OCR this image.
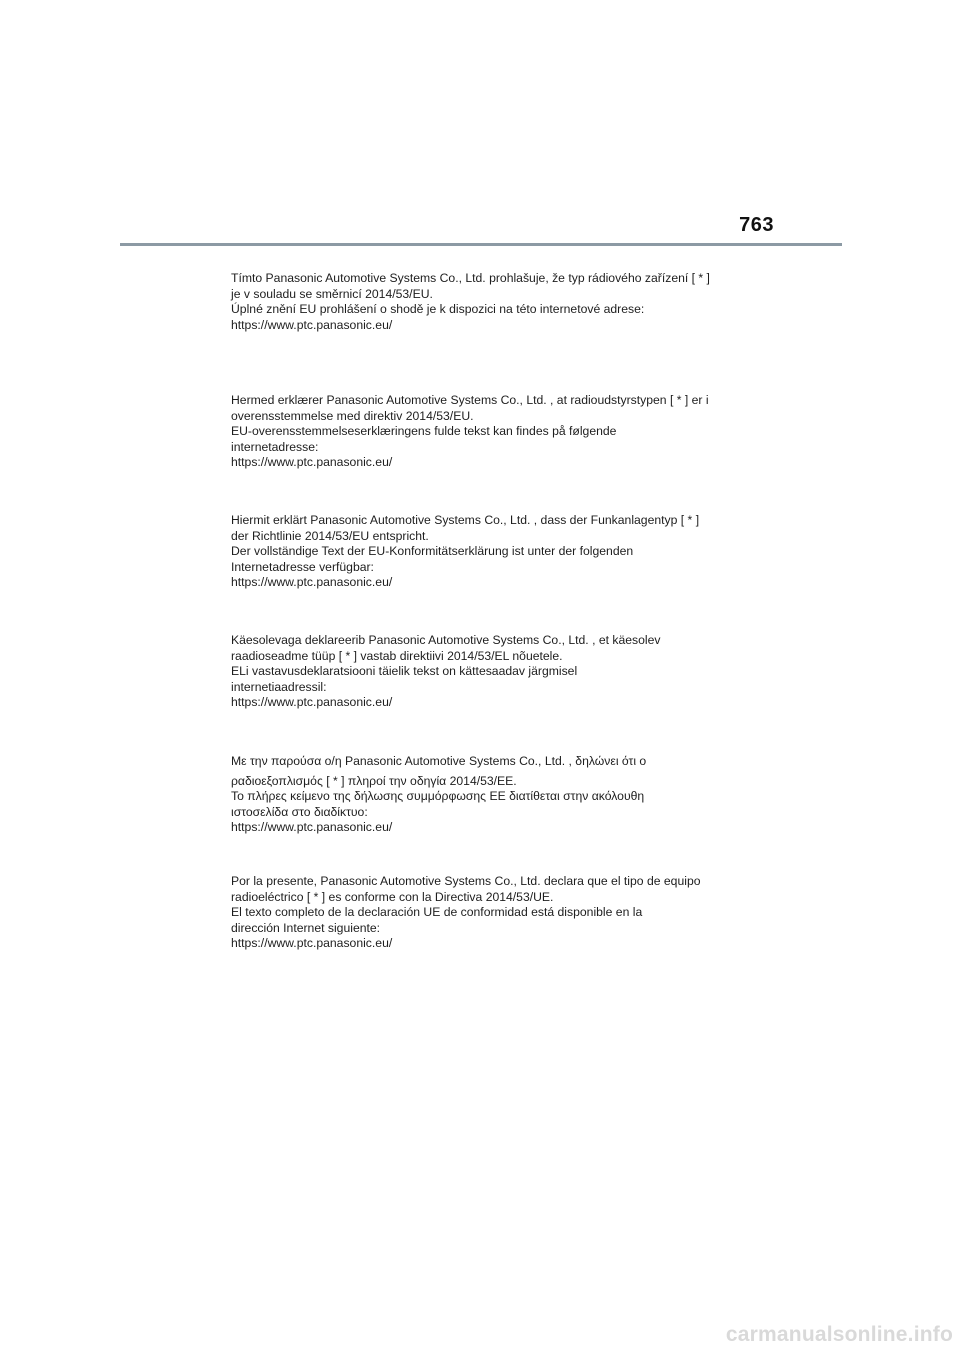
763
Tímto Panasonic Automotive Systems Co., Ltd. prohlašuje, že typ rádiového zařízení [ * ]
je v souladu se směrnicí 2014/53/EU.
Úplné znění EU prohlášení o shodě je k dispozici na této internetové adrese:
https://www.ptc.panasonic.eu/
Hermed erklærer Panasonic Automotive Systems Co., Ltd. , at radioudstyrstypen [ * ] er i
overensstemmelse med direktiv 2014/53/EU.
EU-overensstemmelseserklæringens fulde tekst kan findes på følgende
internetadresse:
https://www.ptc.panasonic.eu/
Hiermit erklärt Panasonic Automotive Systems Co., Ltd. , dass der Funkanlagentyp [ * ]
der Richtlinie 2014/53/EU entspricht.
Der vollständige Text der EU-Konformitätserklärung ist unter der folgenden
Internetadresse verfügbar:
https://www.ptc.panasonic.eu/
Käesolevaga deklareerib Panasonic Automotive Systems Co., Ltd. , et käesolev
raadioseadme tüüp [ * ] vastab direktiivi 2014/53/EL nõuetele.
ELi vastavusdeklaratsiooni täielik tekst on kättesaadav järgmisel
internetiaadressil:
https://www.ptc.panasonic.eu/
Με την παρούσα ο/η Panasonic Automotive Systems Co., Ltd. , δηλώνει ότι ο
ραδιοεξοπλισμός [ * ] πληροί την οδηγία 2014/53/ΕΕ.
Το πλήρες κείμενο της δήλωσης συμμόρφωσης ΕΕ διατίθεται στην ακόλουθη
ιστοσελίδα στο διαδίκτυο:
https://www.ptc.panasonic.eu/
Por la presente, Panasonic Automotive Systems Co., Ltd. declara que el tipo de equipo
radioeléctrico [ * ] es conforme con la Directiva 2014/53/UE.
El texto completo de la declaración UE de conformidad está disponible en la
dirección Internet siguiente:
https://www.ptc.panasonic.eu/
carmanualsonline.info
